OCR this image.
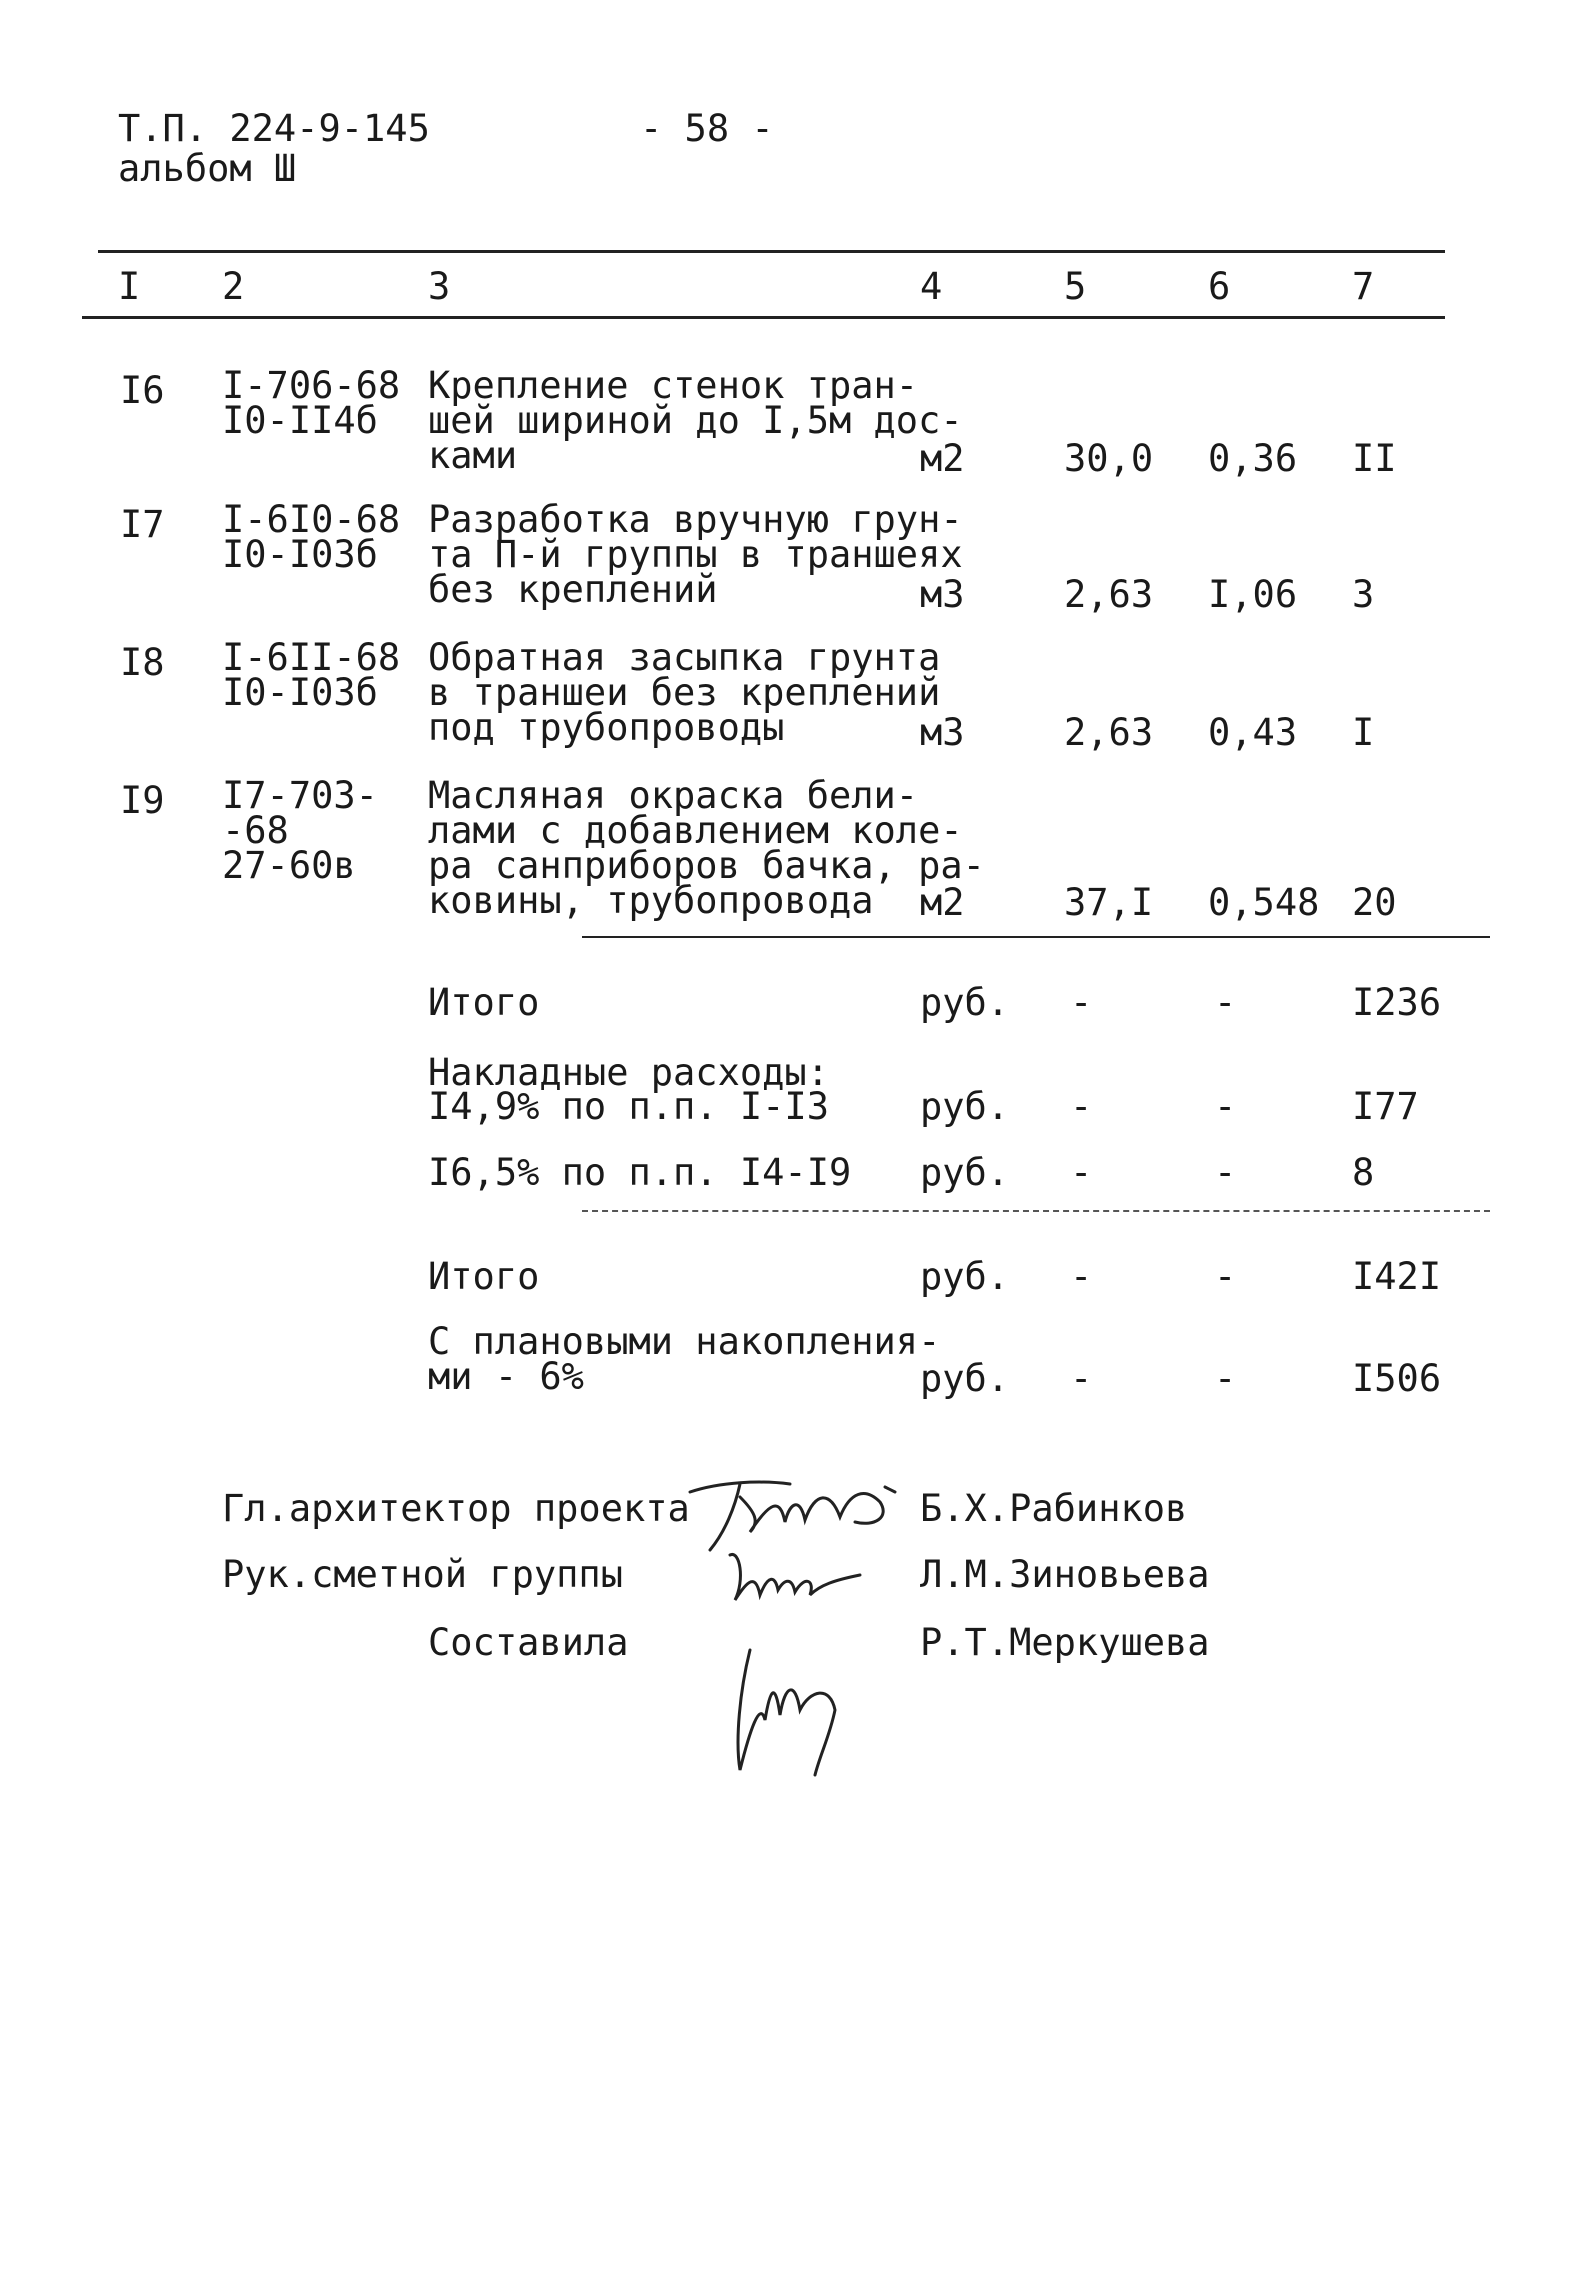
Т.П. 224-9-145
альбом Ш
- 58 -
I 2	3	4	5	6	7
I6 I-706-68
I0-II4б
Крепление стенок тран-
шей шириной до I,5м дос-
ками	м2	30,0 0,36 II
I7 I-6I0-68
I0-I03б
Разработка вручную грун-
та П-й группы в траншеях
без креплений	м3	2,63 I,06 3
I8 I-6II-68
I0-I03б
Обратная засыпка грунта
в траншеи без креплений
под трубопроводы	м3	2,63 0,43 I
I9 I7-703-
-68
27-60в
Масляная окраска бели-
лами с добавлением коле-
ра санприборов бачка, ра-
ковины, трубопровода	м2	37,I 0,548 20
Итого	руб. -	-	I236
Накладные расходы:
I4,9% по п.п. I-I3 руб. -	-	I77
I6,5% по п.п. I4-I9 руб. -	-	8
Итого	руб. -	-	I42I
С плановыми накопления-
ми - 6%	руб. -	-	I506
Гл.архитектор проекта	Б.Х.Рабинков
Рук.сметной группы	Л.М.Зиновьева
Составила	Р.Т.Меркушева
